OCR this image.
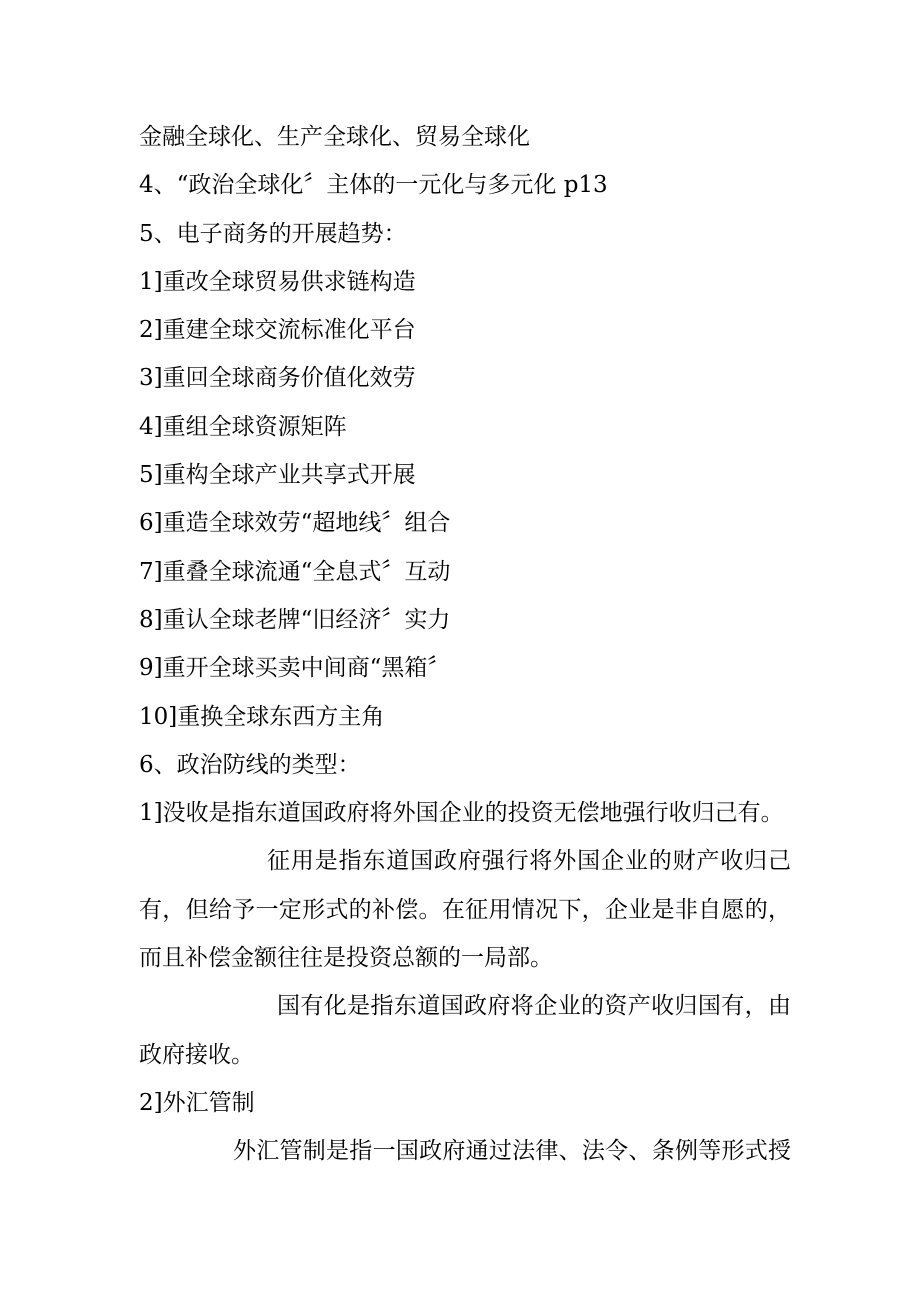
金融全球化、生产全球化、贸易全球化
4、“政治全球化〞主体的一元化与多元化 p13
5、电子商务的开展趋势：
1]重改全球贸易供求链构造
2]重建全球交流标准化平台
3]重回全球商务价值化效劳
4]重组全球资源矩阵
5]重构全球产业共享式开展
6]重造全球效劳“超地线〞组合
7]重叠全球流通“全息式〞互动
8]重认全球老牌“旧经济〞实力
9]重开全球买卖中间商“黑箱〞
10]重换全球东西方主角
6、政治防线的类型：
1]没收是指东道国政府将外国企业的投资无偿地强行收归己有。
征用是指东道国政府强行将外国企业的财产收归己
有，但给予一定形式的补偿。在征用情况下，企业是非自愿的，
而且补偿金额往往是投资总额的一局部。
国有化是指东道国政府将企业的资产收归国有，由
政府接收。
2]外汇管制
外汇管制是指一国政府通过法律、法令、条例等形式授
